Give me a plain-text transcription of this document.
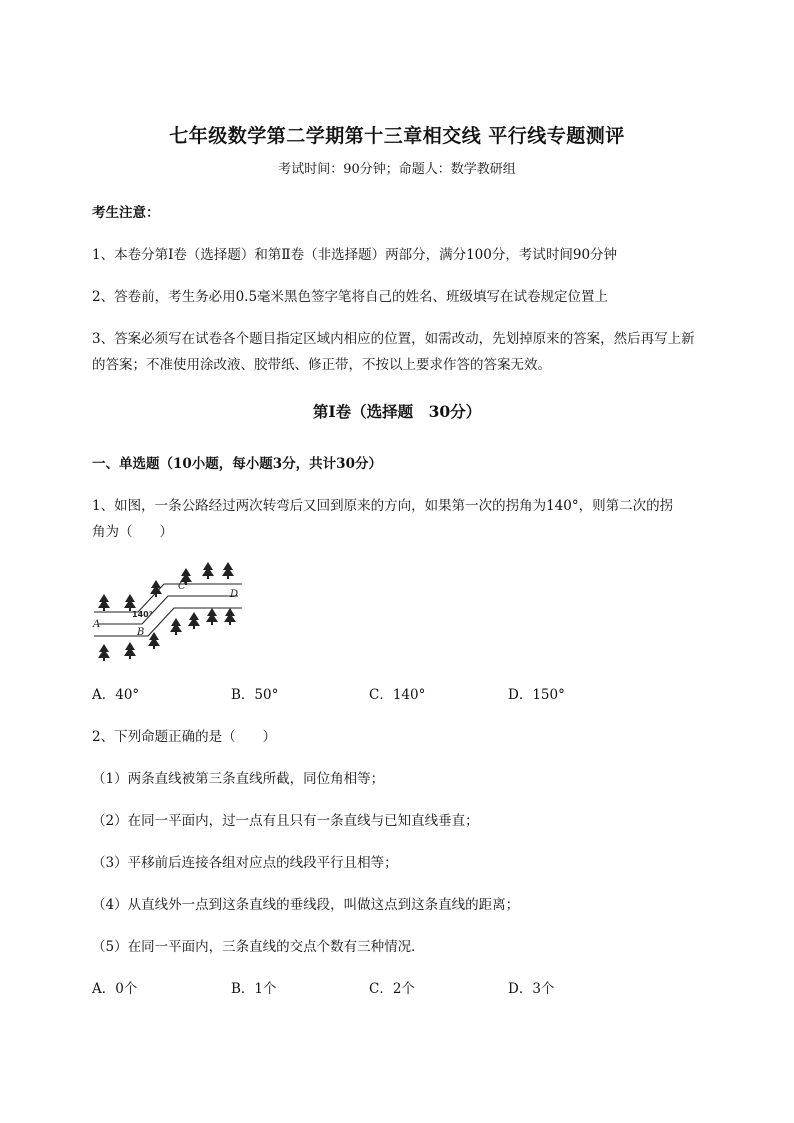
七年级数学第二学期第十三章相交线 平行线专题测评
考试时间：90分钟；命题人：数学教研组
考生注意：
1、本卷分第I卷（选择题）和第Ⅱ卷（非选择题）两部分，满分100分，考试时间90分钟
2、答卷前，考生务必用0.5毫米黑色签字笔将自己的姓名、班级填写在试卷规定位置上
3、答案必须写在试卷各个题目指定区域内相应的位置，如需改动，先划掉原来的答案，然后再写上新
的答案；不准使用涂改液、胶带纸、修正带，不按以上要求作答的答案无效。
第I卷（选择题　30分）
一、单选题（10小题，每小题3分，共计30分）
1、如图，一条公路经过两次转弯后又回到原来的方向，如果第一次的拐角为140°，则第二次的拐
角为（　　）
A
B
C
D
140°
A．40°	B．50°	C．140°	D．150°
2、下列命题正确的是（　　）
（1）两条直线被第三条直线所截，同位角相等；
（2）在同一平面内，过一点有且只有一条直线与已知直线垂直；
（3）平移前后连接各组对应点的线段平行且相等；
（4）从直线外一点到这条直线的垂线段，叫做这点到这条直线的距离；
（5）在同一平面内，三条直线的交点个数有三种情况．
A．0个	B．1个	C．2个	D．3个
